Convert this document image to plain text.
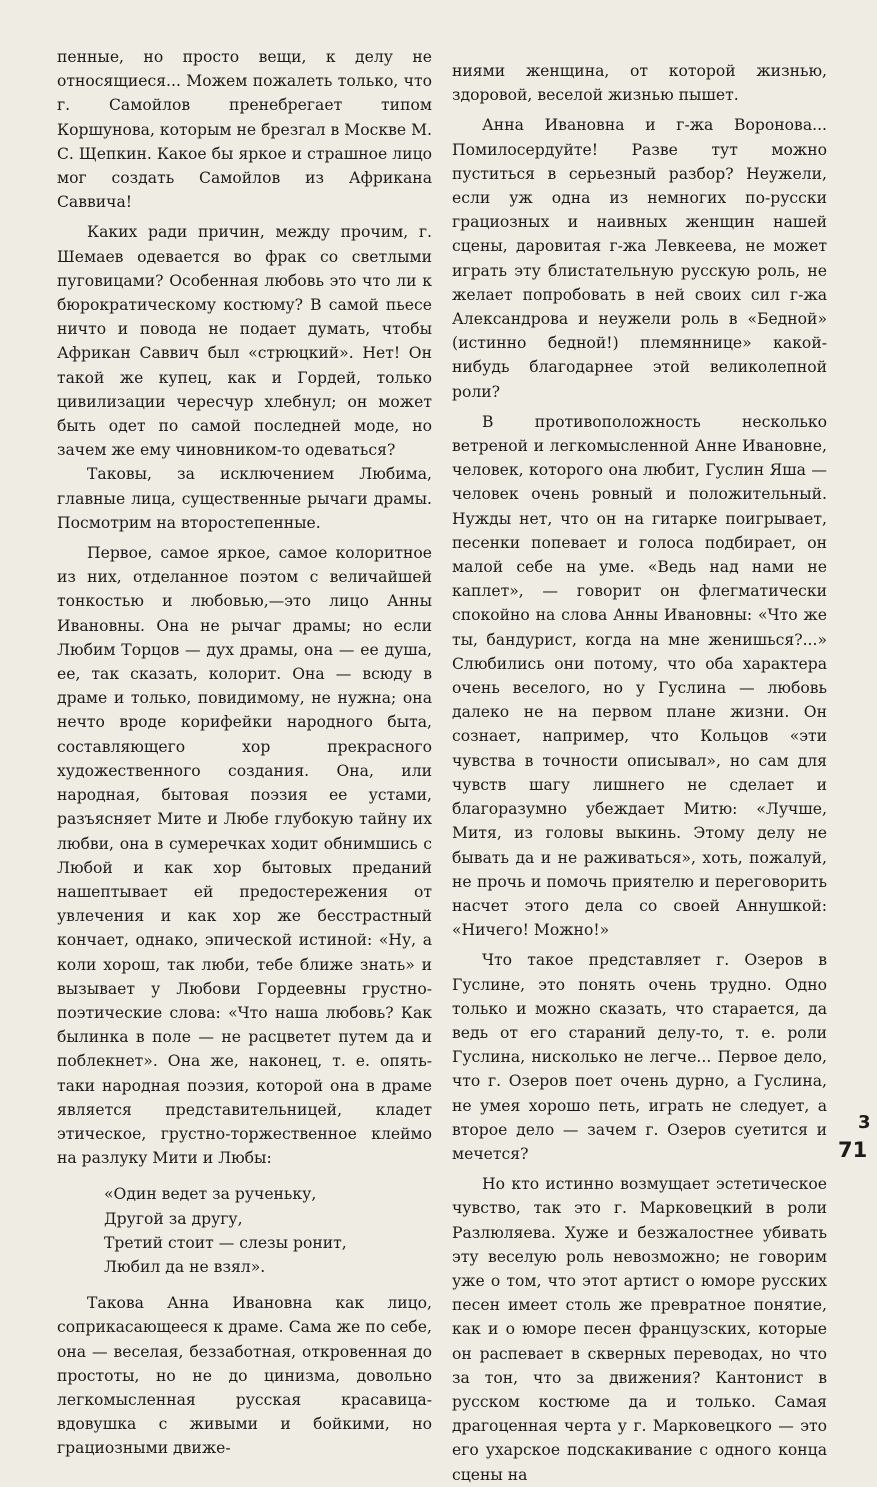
пенные, но просто вещи, к делу не относящиеся... Можем пожалеть только, что г. Самойлов пренебрегает типом Коршунова, которым не брезгал в Москве М. С. Щепкин. Какое бы яркое и страшное лицо мог создать Самойлов из Африкана Саввича!

Каких ради причин, между прочим, г. Шемаев одевается во фрак со светлыми пуговицами? Особенная любовь это что ли к бюрократическому костюму? В самой пьесе ничто и повода не подает думать, чтобы Африкан Саввич был «стрюцкий». Нет! Он такой же купец, как и Гордей, только цивилизации чересчур хлебнул; он может быть одет по самой последней моде, но зачем же ему чиновником-то одеваться?

Таковы, за исключением Любима, главные лица, существенные рычаги драмы. Посмотрим на второстепенные.

Первое, самое яркое, самое колоритное из них, отделанное поэтом с величайшей тонкостью и любовью,—это лицо Анны Ивановны. Она не рычаг драмы; но если Любим Торцов — дух драмы, она — ее душа, ее, так сказать, колорит. Она — всюду в драме и только, повидимому, не нужна; она нечто вроде корифейки народного быта, составляющего хор прекрасного художественного создания. Она, или народная, бытовая поэзия ее устами, разъясняет Мите и Любе глубокую тайну их любви, она в сумеречках ходит обнимшись с Любой и как хор бытовых преданий нашептывает ей предостережения от увлечения и как хор же бесстрастный кончает, однако, эпической истиной: «Ну, а коли хорош, так люби, тебе ближе знать» и вызывает у Любови Гордеевны грустно-поэтические слова: «Что наша любовь? Как былинка в поле — не расцветет путем да и поблекнет». Она же, наконец, т. е. опять-таки народная поэзия, которой она в драме является представительницей, кладет этическое, грустно-торжественное клеймо на разлуку Мити и Любы:

«Один ведет за рученьку,
Другой за другу,
Третий стоит — слезы ронит,
Любил да не взял».

Такова Анна Ивановна как лицо, соприкасающееся к драме. Сама же по себе, она — веселая, беззаботная, откровенная до простоты, но не до цинизма, довольно легкомысленная русская красавица-вдовушка с живыми и бойкими, но грациозными движе-

ниями женщина, от которой жизнью, здоровой, веселой жизнью пышет.

Анна Ивановна и г-жа Воронова... Помилосердуйте! Разве тут можно пуститься в серьезный разбор? Неужели, если уж одна из немногих по-русски грациозных и наивных женщин нашей сцены, даровитая г-жа Левкеева, не может играть эту блистательную русскую роль, не желает попробовать в ней своих сил г-жа Александрова и неужели роль в «Бедной» (истинно бедной!) племяннице» какой-нибудь благодарнее этой великолепной роли?

В противоположность несколько ветреной и легкомысленной Анне Ивановне, человек, которого она любит, Гуслин Яша — человек очень ровный и положительный. Нужды нет, что он на гитарке поигрывает, песенки попевает и голоса подбирает, он малой себе на уме. «Ведь над нами не каплет», — говорит он флегматически спокойно на слова Анны Ивановны: «Что же ты, бандурист, когда на мне женишься?...» Слюбились они потому, что оба характера очень веселого, но у Гуслина — любовь далеко не на первом плане жизни. Он сознает, например, что Кольцов «эти чувства в точности описывал», но сам для чувств шагу лишнего не сделает и благоразумно убеждает Митю: «Лучше, Митя, из головы выкинь. Этому делу не бывать да и не раживаться», хоть, пожалуй, не прочь и помочь приятелю и переговорить насчет этого дела со своей Аннушкой: «Ничего! Можно!»

Что такое представляет г. Озеров в Гуслине, это понять очень трудно. Одно только и можно сказать, что старается, да ведь от его стараний делу-то, т. е. роли Гуслина, нисколько не легче... Первое дело, что г. Озеров поет очень дурно, а Гуслина, не умея хорошо петь, играть не следует, а второе дело — зачем г. Озеров суетится и мечется?

Но кто истинно возмущает эстетическое чувство, так это г. Марковецкий в роли Разлюляева. Хуже и безжалостнее убивать эту веселую роль невозможно; не говорим уже о том, что этот артист о юморе русских песен имеет столь же превратное понятие, как и о юморе песен французских, которые он распевает в скверных переводах, но что за тон, что за движения? Кантонист в русском костюме да и только. Самая драгоценная черта у г. Марковецкого — это его ухарское подскакивание с одного конца сцены на

3
71
